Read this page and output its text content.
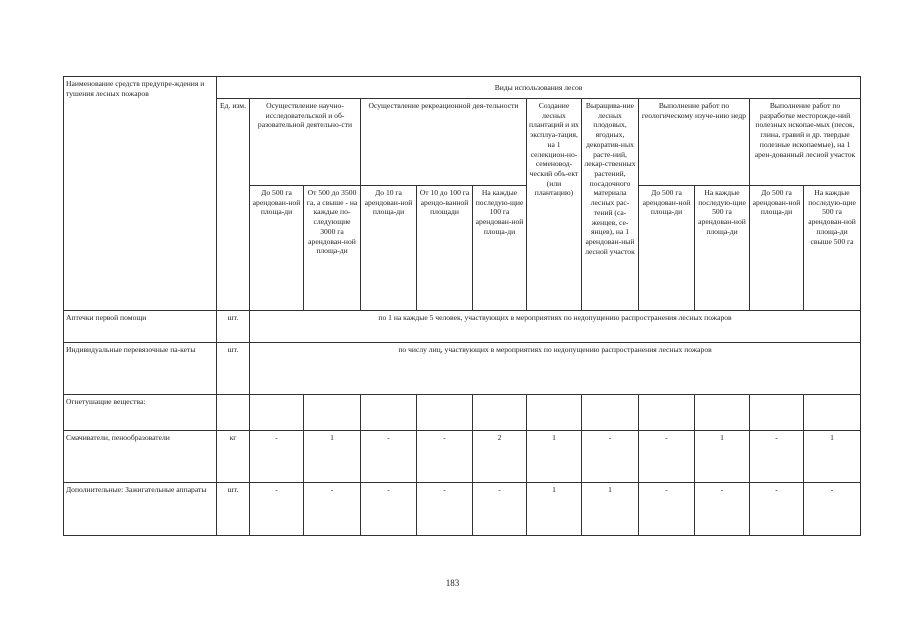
Наименование средств предупре-ждения и тушения лесных пожаров	Виды использования лесов											
	Ед. изм.	Осуществление научно-исследовательской и об-разовательной деятельно-сти		Осуществление рекреационной дея-тельности			Создание лесных плантаций и их эксплуа-тация, на 1 селекцион-но-семеновод-ческий объ-ект (или плантацию)	Выращива-ние лесных плодовых, ягодных, декоратив-ных расте-ний, лекар-ственных растений, посадочного материала лесных рас-тений (са-женцев, се-янцев), на 1 арендован-ный лесной участок	Выполнение работ по геологическому изуче-нию недр		Выполнение работ по разработке месторожде-ний полезных ископае-мых (песок, глина, гравий и др. твердые полезные ископаемые), на 1 арен-дованный лесной участок	
		До 500 га арендован-ной площа-ди	От 500 до 3500 га, а свыше - на каждые по-следующие 3000 га арендован-ной площа-ди	До 10 га арендован-ной площа-ди	От 10 до 100 га арендо-ванной площади	На каждые последую-щие 100 га арендован-ной площа-ди			До 500 га арендован-ной площа-ди	На каждые последую-щие 500 га арендован-ной площа-ди	До 500 га арендован-ной площа-ди	На каждые последую-щие 500 га арендован-ной площа-ди свыше 500 га
Аптечки первой помощи	шт.	по 1 на каждые 5 человек, участвующих в мероприятиях по недопущению распространения лесных пожаров										
Индивидуальные перевязочные па-кеты	шт.	по числу лиц, участвующих в мероприятиях по недопущению распространения лесных пожаров										
Огнетушащие вещества:												
Смачиватели, пенообразователи	кг	-	1	-	-	2	1	-	-	1	-	1
Дополнительные: Зажигательные аппараты	шт.	-	-	-	-	-	1	1	-	-	-	-
183
